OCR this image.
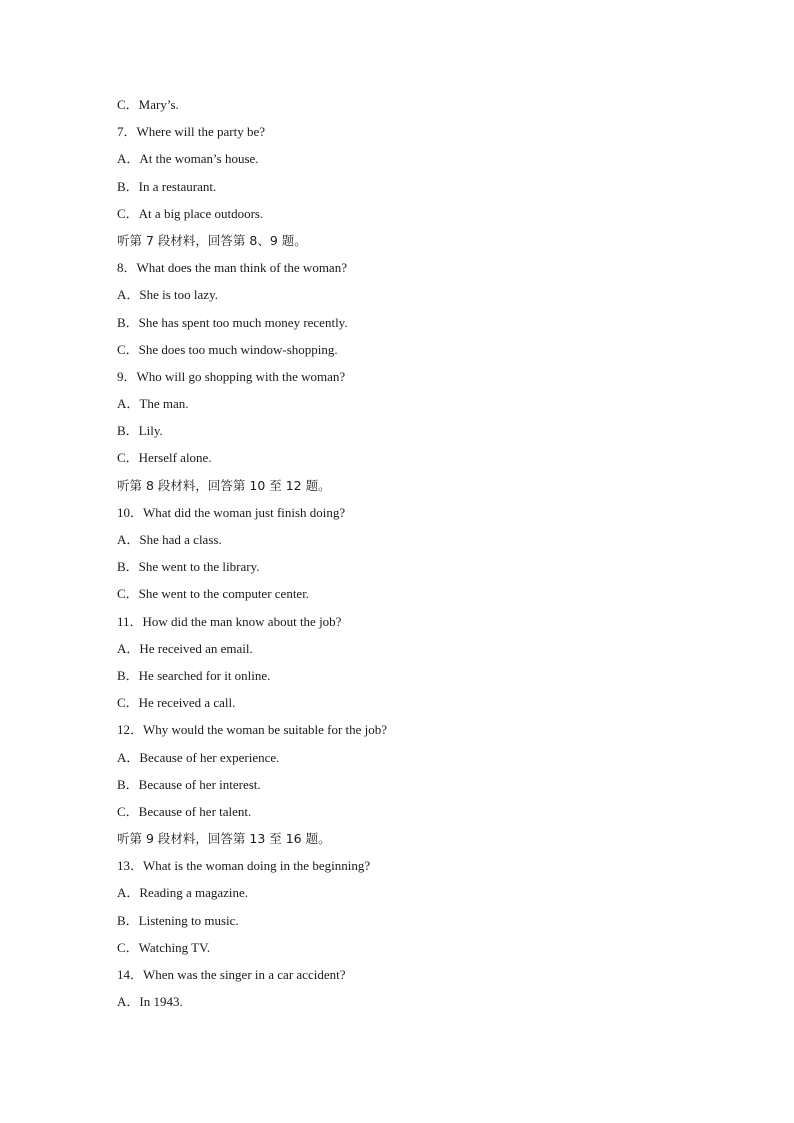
C．Mary’s.
7．Where will the party be?
A．At the woman’s house.
B．In a restaurant.
C．At a big place outdoors.
听第 7 段材料，回答第 8、9 题。
8．What does the man think of the woman?
A．She is too lazy.
B．She has spent too much money recently.
C．She does too much window-shopping.
9．Who will go shopping with the woman?
A．The man.
B．Lily.
C．Herself alone.
听第 8 段材料，回答第 10 至 12 题。
10．What did the woman just finish doing?
A．She had a class.
B．She went to the library.
C．She went to the computer center.
11．How did the man know about the job?
A．He received an email.
B．He searched for it online.
C．He received a call.
12．Why would the woman be suitable for the job?
A．Because of her experience.
B．Because of her interest.
C．Because of her talent.
听第 9 段材料，回答第 13 至 16 题。
13．What is the woman doing in the beginning?
A．Reading a magazine.
B．Listening to music.
C．Watching TV.
14．When was the singer in a car accident?
A．In 1943.
